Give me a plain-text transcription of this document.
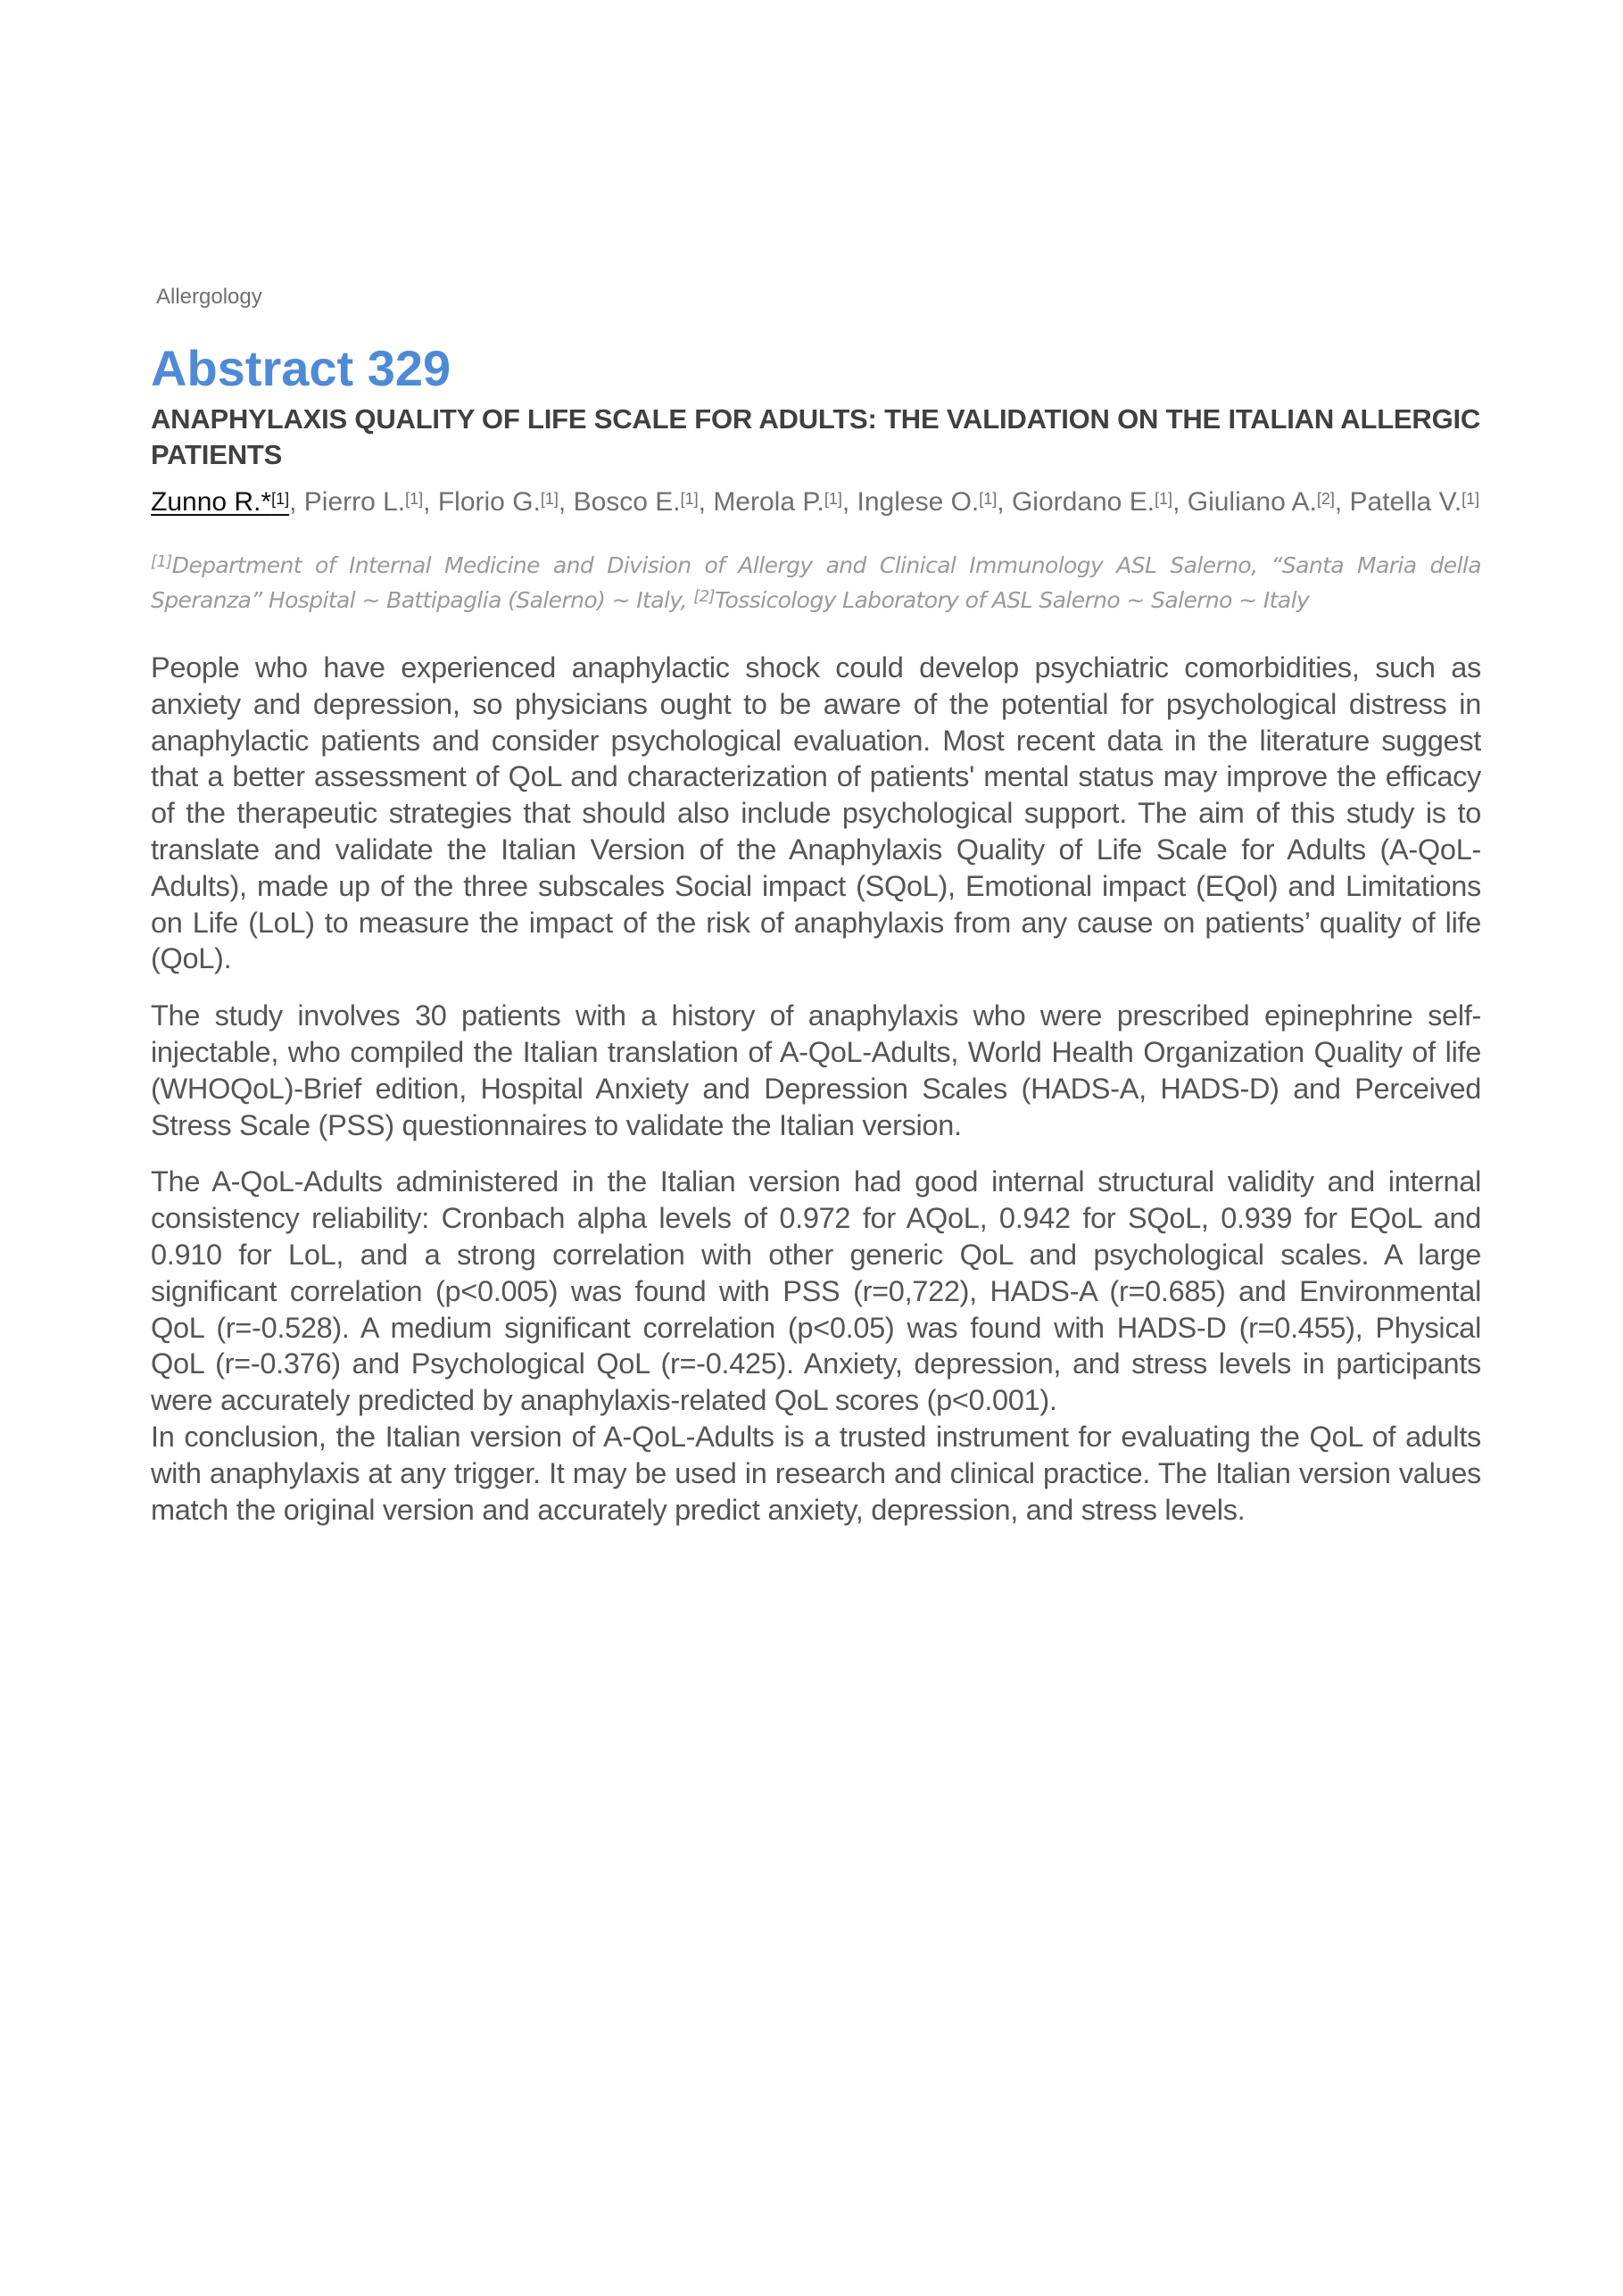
Allergology
Abstract 329
ANAPHYLAXIS QUALITY OF LIFE SCALE FOR ADULTS: THE VALIDATION ON THE ITALIAN ALLERGIC PATIENTS
Zunno R.*[1], Pierro L.[1], Florio G.[1], Bosco E.[1], Merola P.[1], Inglese O.[1], Giordano E.[1], Giuliano A.[2], Patella V.[1]
[1]Department of Internal Medicine and Division of Allergy and Clinical Immunology ASL Salerno, “Santa Maria della Speranza” Hospital ~ Battipaglia (Salerno) ~ Italy, [2]Tossicology Laboratory of ASL Salerno ~ Salerno ~ Italy

People who have experienced anaphylactic shock could develop psychiatric comorbidities, such as anxiety and depression, so physicians ought to be aware of the potential for psychological distress in anaphylactic patients and consider psychological evaluation. Most recent data in the literature suggest that a better assessment of QoL and characterization of patients' mental status may improve the efficacy of the therapeutic strategies that should also include psychological support. The aim of this study is to translate and validate the Italian Version of the Anaphylaxis Quality of Life Scale for Adults (A-QoL-Adults), made up of the three subscales Social impact (SQoL), Emotional impact (EQol) and Limitations on Life (LoL) to measure the impact of the risk of anaphylaxis from any cause on patients’ quality of life (QoL).

The study involves 30 patients with a history of anaphylaxis who were prescribed epinephrine self-injectable, who compiled the Italian translation of A-QoL-Adults, World Health Organization Quality of life (WHOQoL)-Brief edition, Hospital Anxiety and Depression Scales (HADS-A, HADS-D) and Perceived Stress Scale (PSS) questionnaires to validate the Italian version.

The A-QoL-Adults administered in the Italian version had good internal structural validity and internal consistency reliability: Cronbach alpha levels of 0.972 for AQoL, 0.942 for SQoL, 0.939 for EQoL and 0.910 for LoL, and a strong correlation with other generic QoL and psychological scales. A large significant correlation (p<0.005) was found with PSS (r=0,722), HADS-A (r=0.685) and Environmental QoL (r=-0.528). A medium significant correlation (p<0.05) was found with HADS-D (r=0.455), Physical QoL (r=-0.376) and Psychological QoL (r=-0.425). Anxiety, depression, and stress levels in participants were accurately predicted by anaphylaxis-related QoL scores (p<0.001).

In conclusion, the Italian version of A-QoL-Adults is a trusted instrument for evaluating the QoL of adults with anaphylaxis at any trigger. It may be used in research and clinical practice. The Italian version values match the original version and accurately predict anxiety, depression, and stress levels.
